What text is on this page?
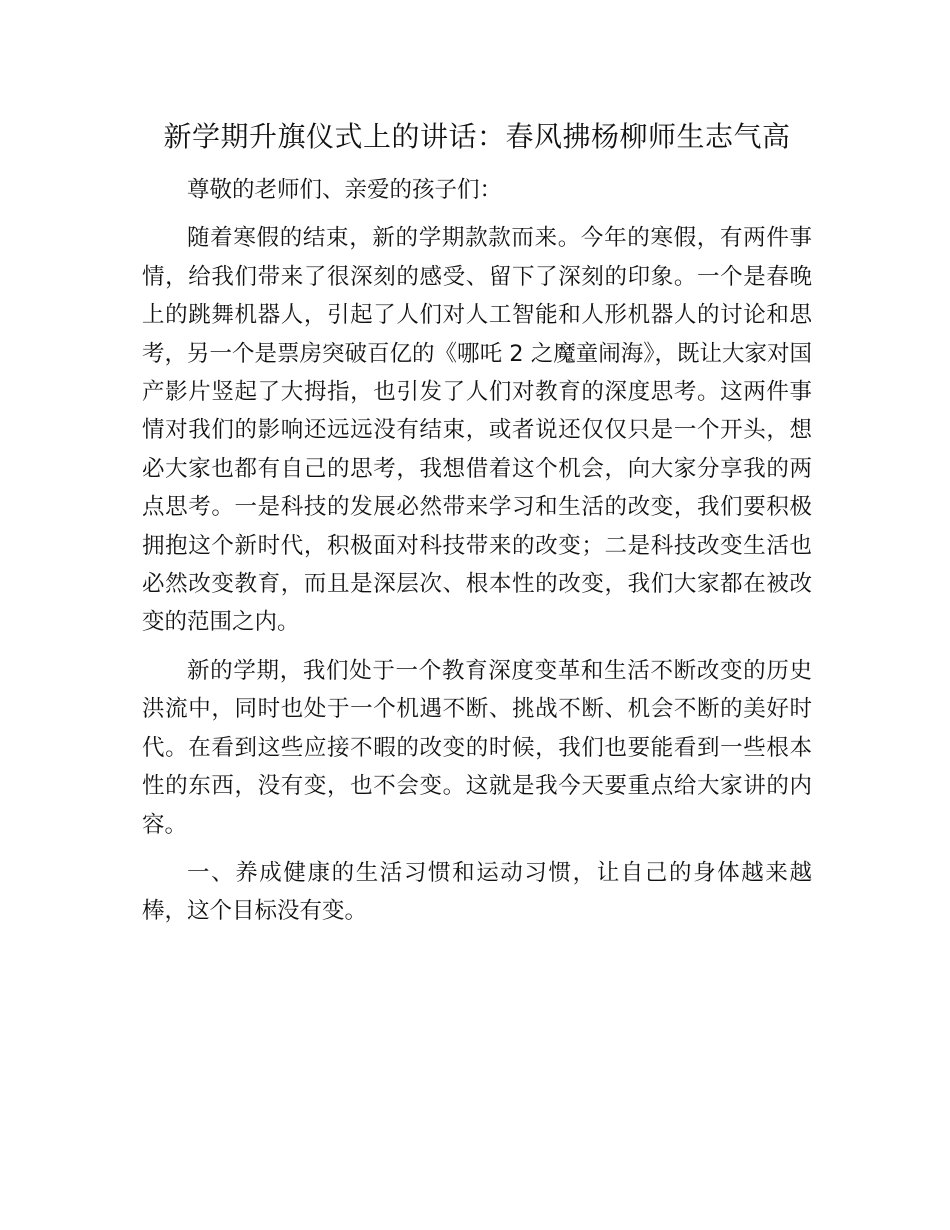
新学期升旗仪式上的讲话：春风拂杨柳师生志气高

尊敬的老师们、亲爱的孩子们：

随着寒假的结束，新的学期款款而来。今年的寒假，有两件事情，给我们带来了很深刻的感受、留下了深刻的印象。一个是春晚上的跳舞机器人，引起了人们对人工智能和人形机器人的讨论和思考，另一个是票房突破百亿的《哪吒 2 之魔童闹海》，既让大家对国产影片竖起了大拇指，也引发了人们对教育的深度思考。这两件事情对我们的影响还远远没有结束，或者说还仅仅只是一个开头，想必大家也都有自己的思考，我想借着这个机会，向大家分享我的两点思考。一是科技的发展必然带来学习和生活的改变，我们要积极拥抱这个新时代，积极面对科技带来的改变；二是科技改变生活也必然改变教育，而且是深层次、根本性的改变，我们大家都在被改变的范围之内。

新的学期，我们处于一个教育深度变革和生活不断改变的历史洪流中，同时也处于一个机遇不断、挑战不断、机会不断的美好时代。在看到这些应接不暇的改变的时候，我们也要能看到一些根本性的东西，没有变，也不会变。这就是我今天要重点给大家讲的内容。

一、养成健康的生活习惯和运动习惯，让自己的身体越来越棒，这个目标没有变。
